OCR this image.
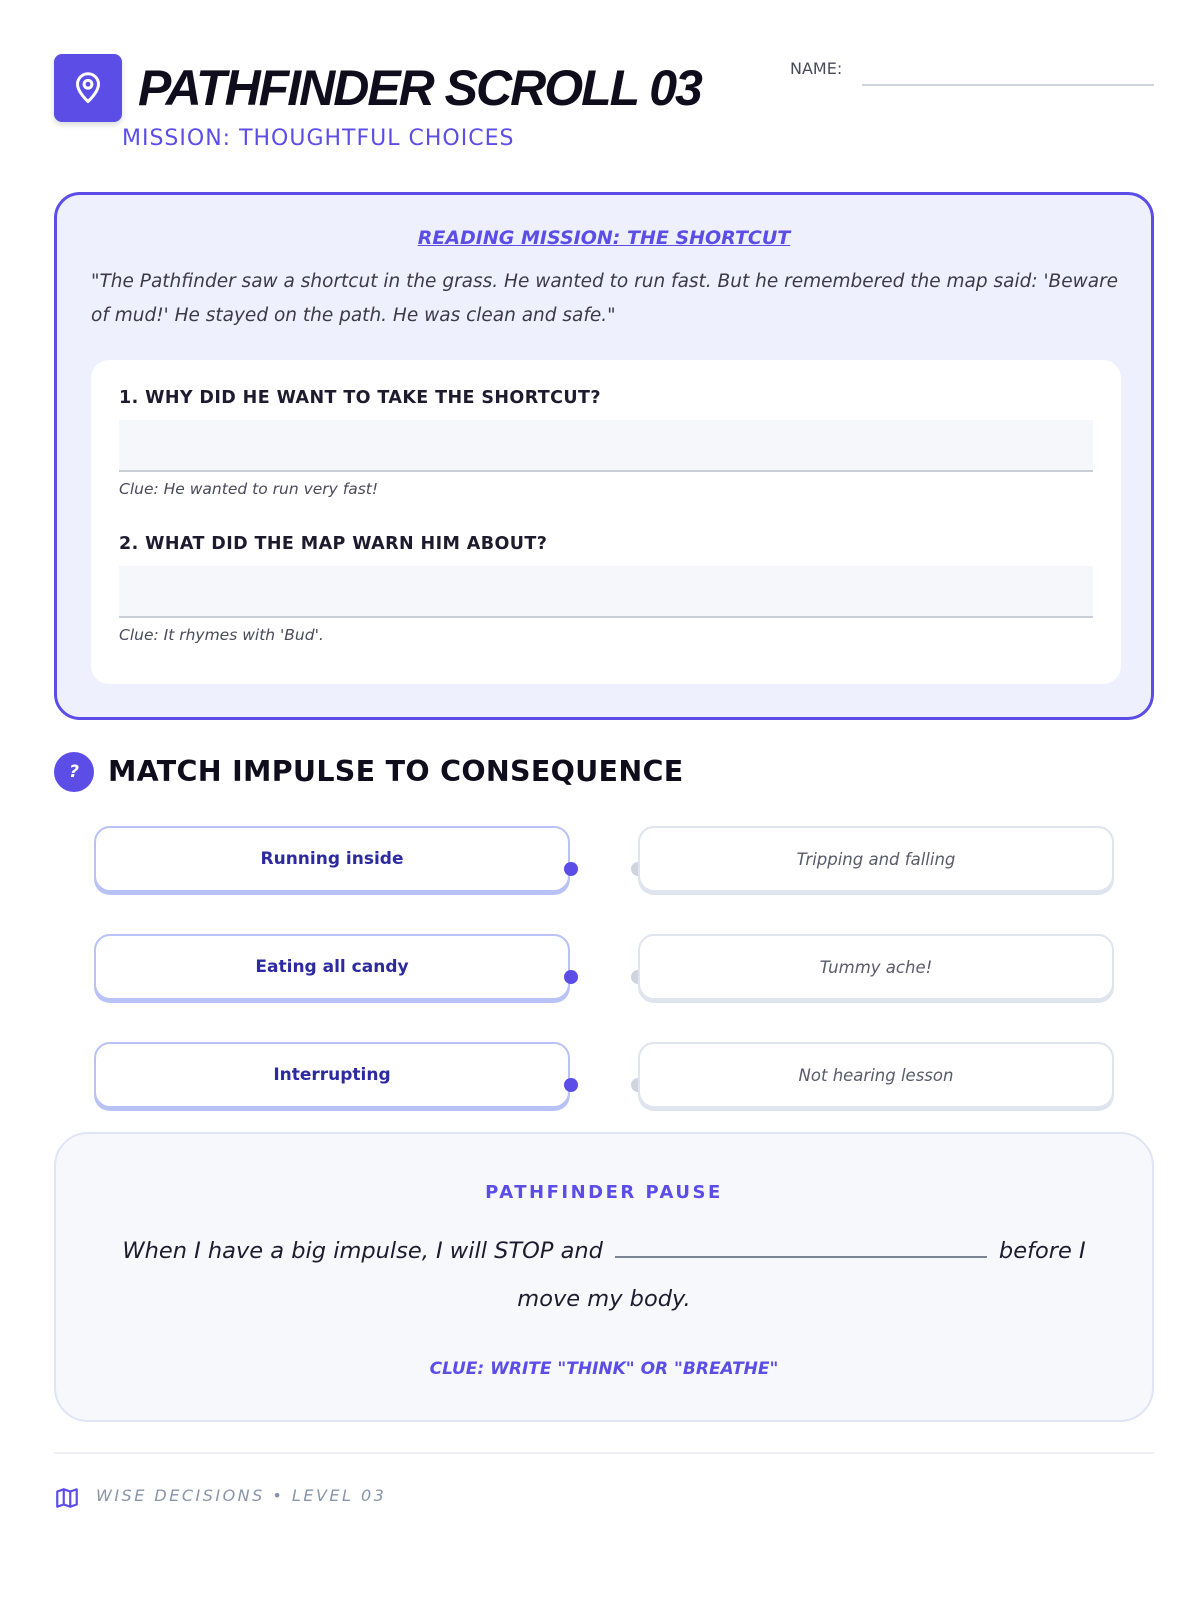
PATHFINDER SCROLL 03
MISSION: THOUGHTFUL CHOICES
NAME:
READING MISSION: THE SHORTCUT
"The Pathfinder saw a shortcut in the grass. He wanted to run fast. But he remembered the map said: 'Beware of mud!' He stayed on the path. He was clean and safe."
1. WHY DID HE WANT TO TAKE THE SHORTCUT?
Clue: He wanted to run very fast!
2. WHAT DID THE MAP WARN HIM ABOUT?
Clue: It rhymes with 'Bud'.
?	MATCH IMPULSE TO CONSEQUENCE
Running inside	Tripping and falling
Eating all candy	Tummy ache!
Interrupting	Not hearing lesson
PATHFINDER PAUSE
When I have a big impulse, I will STOP and	before I
move my body.
CLUE: WRITE "THINK" OR "BREATHE"
WISE DECISIONS • LEVEL 03
